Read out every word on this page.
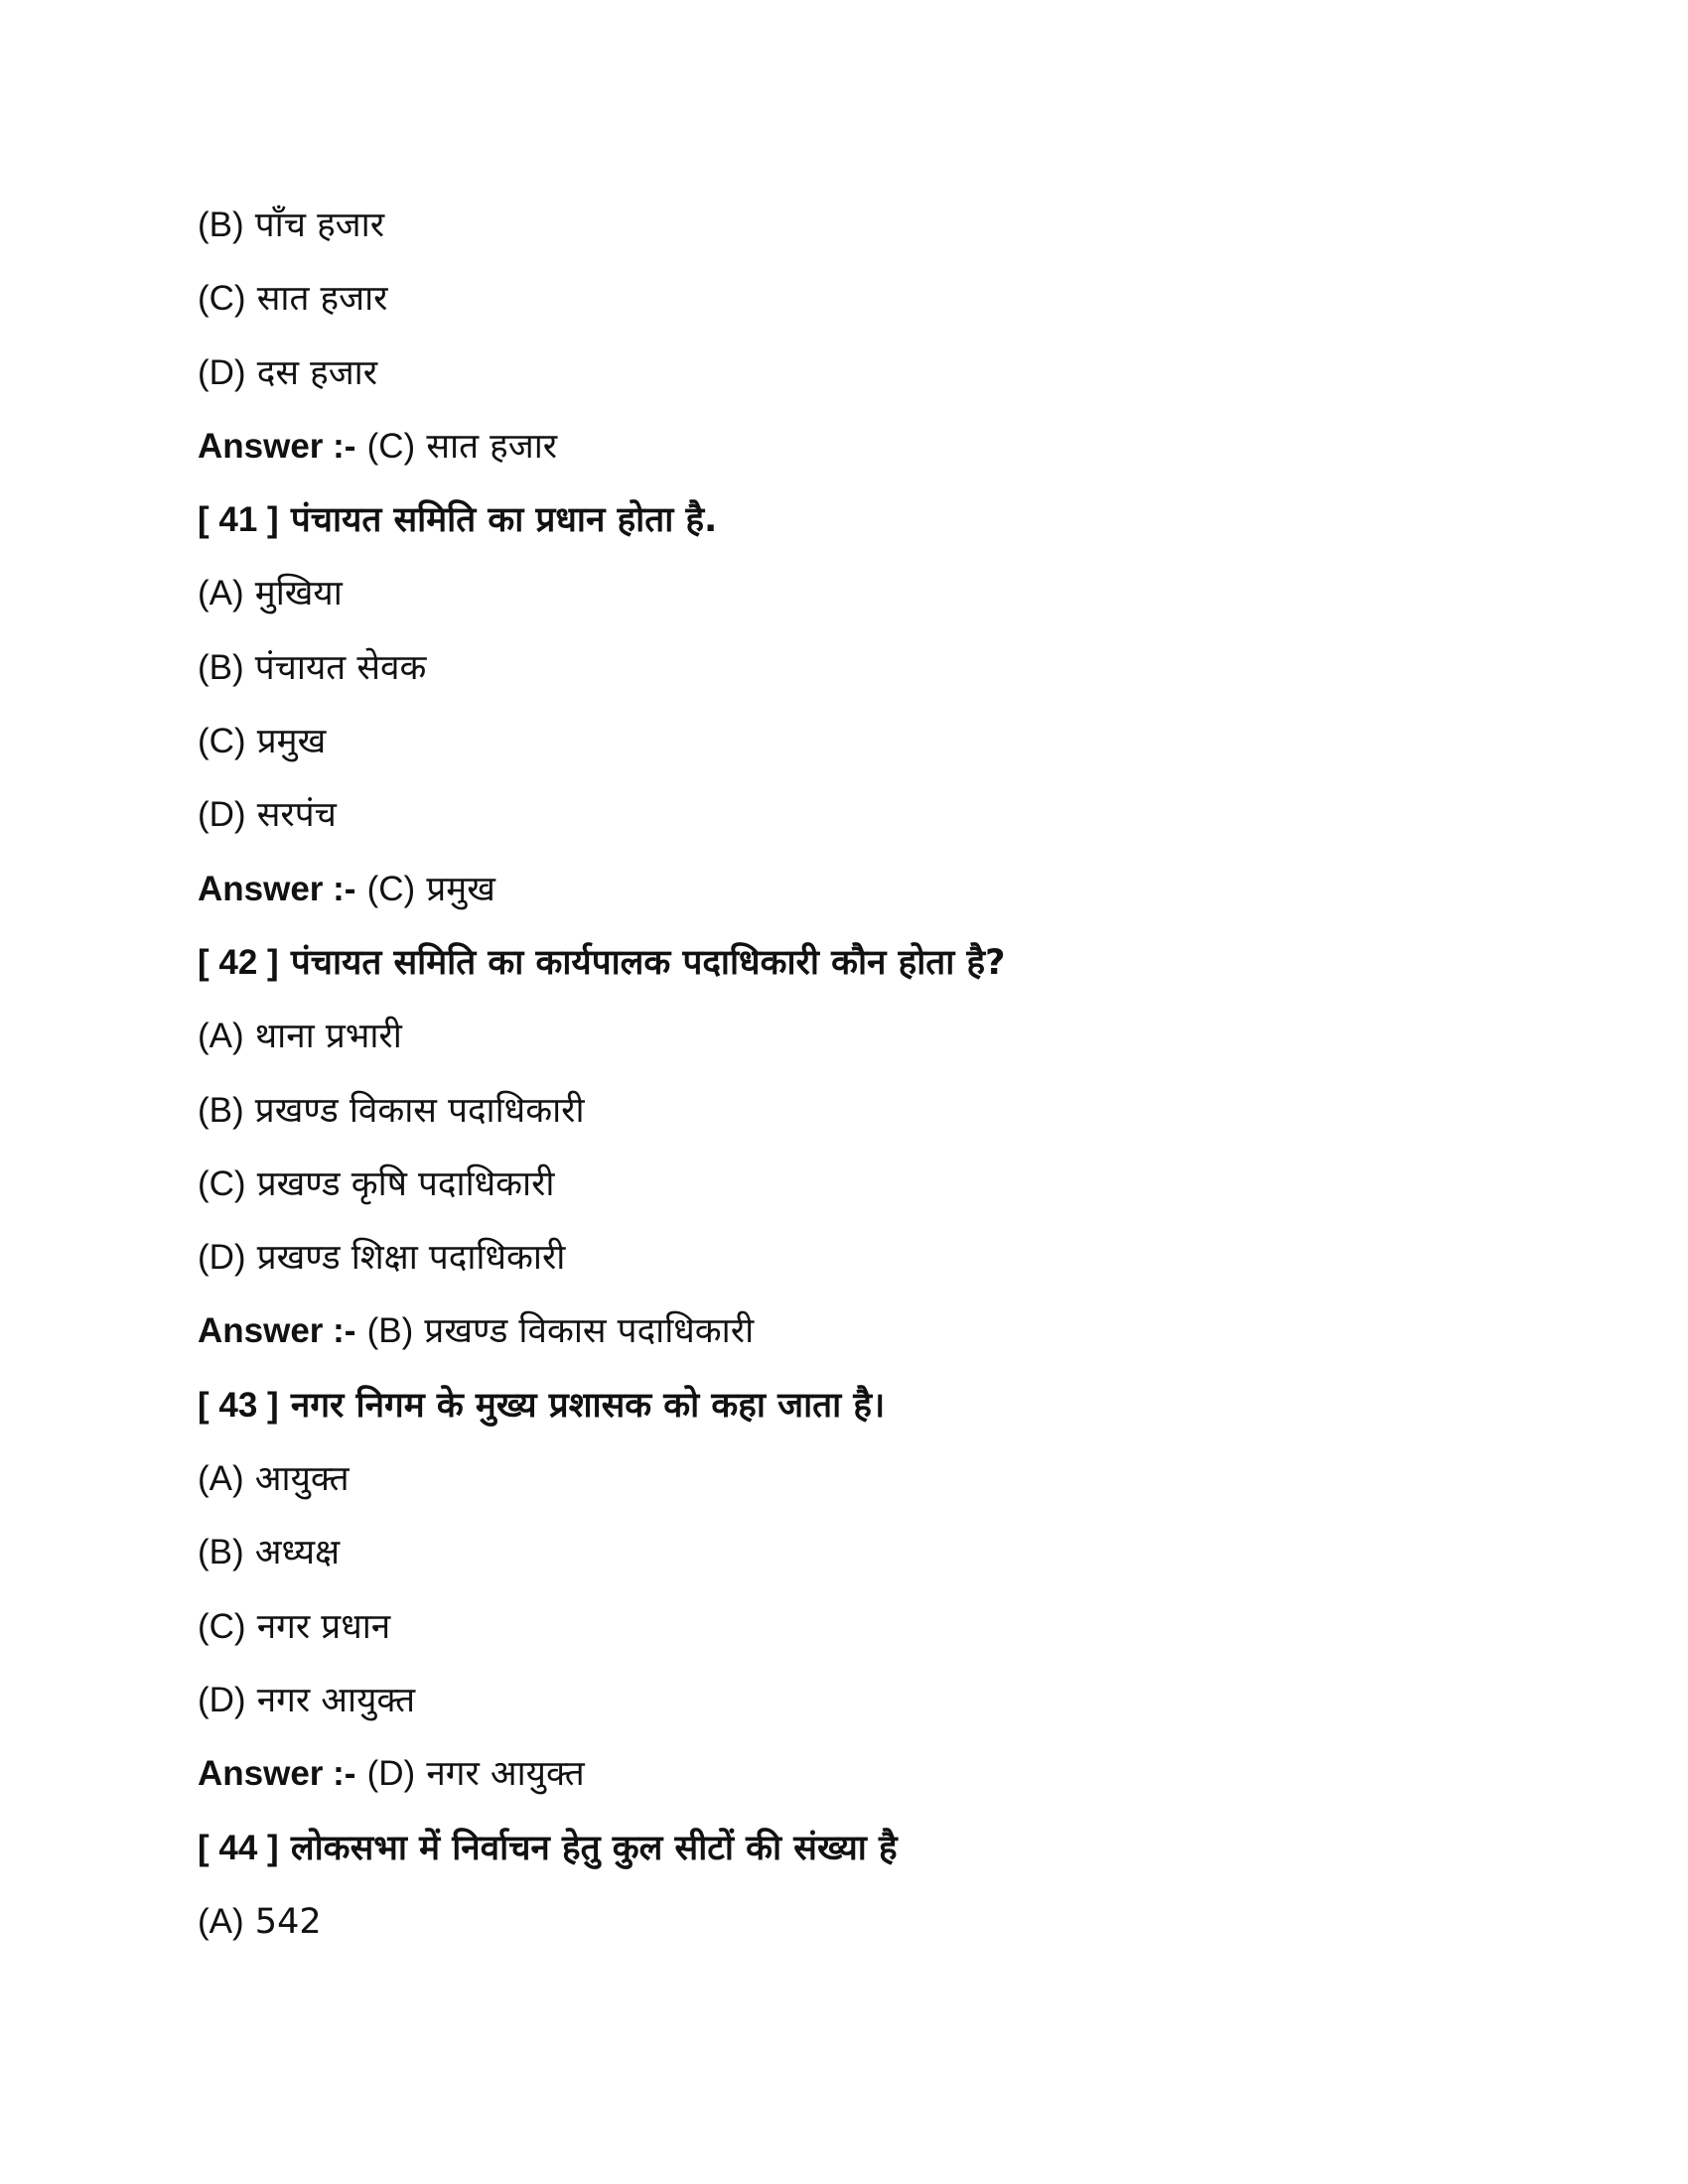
(B) पाँच हजार
(C) सात हजार
(D) दस हजार
Answer :- (C) सात हजार
[ 41 ] पंचायत समिति का प्रधान होता है.
(A) मुखिया
(B) पंचायत सेवक
(C) प्रमुख
(D) सरपंच
Answer :- (C) प्रमुख
[ 42 ] पंचायत समिति का कार्यपालक पदाधिकारी कौन होता है?
(A) थाना प्रभारी
(B) प्रखण्ड विकास पदाधिकारी
(C) प्रखण्ड कृषि पदाधिकारी
(D) प्रखण्ड शिक्षा पदाधिकारी
Answer :- (B) प्रखण्ड विकास पदाधिकारी
[ 43 ] नगर निगम के मुख्य प्रशासक को कहा जाता है।
(A) आयुक्त
(B) अध्यक्ष
(C) नगर प्रधान
(D) नगर आयुक्त
Answer :- (D) नगर आयुक्त
[ 44 ] लोकसभा में निर्वाचन हेतु कुल सीटों की संख्या है
(A) 542
